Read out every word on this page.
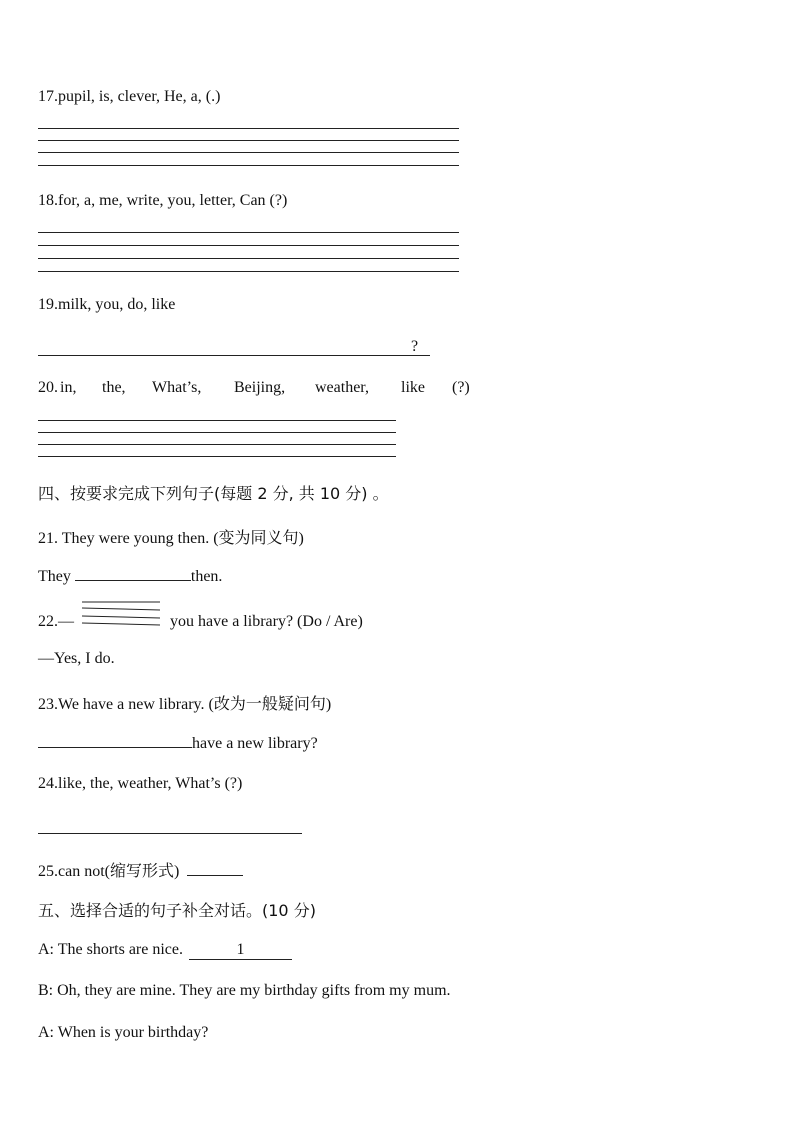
17.pupil, is, clever, He, a, (.)
18.for, a, me, write, you, letter, Can (?)
19.milk, you, do, like
?
20. in, the, What’s, Beijing, weather, like (?)
四、按要求完成下列句子(每题 2 分, 共 10 分) 。
21. They were young then. (变为同义句)
They	then.
22.—	you have a library? (Do / Are)
—Yes, I do.
23.We have a new library. (改为一般疑问句)
have a new library?
24.like, the, weather, What’s (?)
25.can not(缩写形式)
五、选择合适的句子补全对话。(10 分)
A: The shorts are nice.	1
B: Oh, they are mine. They are my birthday gifts from my mum.
A: When is your birthday?
